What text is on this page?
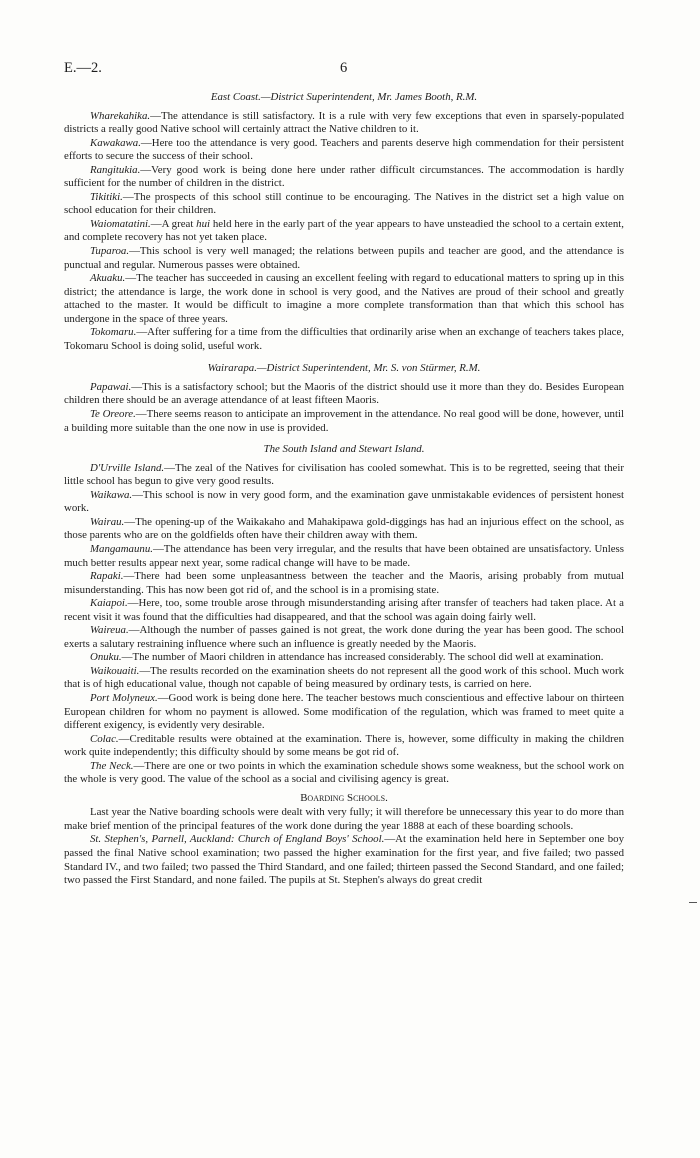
E.—2.	6
East Coast.—District Superintendent, Mr. James Booth, R.M.

Wharekahika.—The attendance is still satisfactory. It is a rule with very few exceptions that even in sparsely-populated districts a really good Native school will certainly attract the Native children to it.

Kawakawa.—Here too the attendance is very good. Teachers and parents deserve high commendation for their persistent efforts to secure the success of their school.

Rangitukia.—Very good work is being done here under rather difficult circumstances. The accommodation is hardly sufficient for the number of children in the district.

Tikitiki.—The prospects of this school still continue to be encouraging. The Natives in the district set a high value on school education for their children.

Waiomatatini.—A great hui held here in the early part of the year appears to have unsteadied the school to a certain extent, and complete recovery has not yet taken place.

Tuparoa.—This school is very well managed; the relations between pupils and teacher are good, and the attendance is punctual and regular. Numerous passes were obtained.

Akuaku.—The teacher has succeeded in causing an excellent feeling with regard to educational matters to spring up in this district; the attendance is large, the work done in school is very good, and the Natives are proud of their school and greatly attached to the master. It would be difficult to imagine a more complete transformation than that which this school has undergone in the space of three years.

Tokomaru.—After suffering for a time from the difficulties that ordinarily arise when an exchange of teachers takes place, Tokomaru School is doing solid, useful work.

Wairarapa.—District Superintendent, Mr. S. von Stürmer, R.M.

Papawai.—This is a satisfactory school; but the Maoris of the district should use it more than they do. Besides European children there should be an average attendance of at least fifteen Maoris.

Te Oreore.—There seems reason to anticipate an improvement in the attendance. No real good will be done, however, until a building more suitable than the one now in use is provided.

The South Island and Stewart Island.

D'Urville Island.—The zeal of the Natives for civilisation has cooled somewhat. This is to be regretted, seeing that their little school has begun to give very good results.

Waikawa.—This school is now in very good form, and the examination gave unmistakable evidences of persistent honest work.

Wairau.—The opening-up of the Waikakaho and Mahakipawa gold-diggings has had an injurious effect on the school, as those parents who are on the goldfields often have their children away with them.

Mangamaunu.—The attendance has been very irregular, and the results that have been obtained are unsatisfactory. Unless much better results appear next year, some radical change will have to be made.

Rapaki.—There had been some unpleasantness between the teacher and the Maoris, arising probably from mutual misunderstanding. This has now been got rid of, and the school is in a promising state.

Kaiapoi.—Here, too, some trouble arose through misunderstanding arising after transfer of teachers had taken place. At a recent visit it was found that the difficulties had disappeared, and that the school was again doing fairly well.

Waireua.—Although the number of passes gained is not great, the work done during the year has been good. The school exerts a salutary restraining influence where such an influence is greatly needed by the Maoris.

Onuku.—The number of Maori children in attendance has increased considerably. The school did well at examination.

Waikouaiti.—The results recorded on the examination sheets do not represent all the good work of this school. Much work that is of high educational value, though not capable of being measured by ordinary tests, is carried on here.

Port Molyneux.—Good work is being done here. The teacher bestows much conscientious and effective labour on thirteen European children for whom no payment is allowed. Some modification of the regulation, which was framed to meet quite a different exigency, is evidently very desirable.

Colac.—Creditable results were obtained at the examination. There is, however, some difficulty in making the children work quite independently; this difficulty should by some means be got rid of.

The Neck.—There are one or two points in which the examination schedule shows some weakness, but the school work on the whole is very good. The value of the school as a social and civilising agency is great.

Boarding Schools.

Last year the Native boarding schools were dealt with very fully; it will therefore be unnecessary this year to do more than make brief mention of the principal features of the work done during the year 1888 at each of these boarding schools.

St. Stephen's, Parnell, Auckland: Church of England Boys' School.—At the examination held here in September one boy passed the final Native school examination; two passed the higher examination for the first year, and five failed; two passed Standard IV., and two failed; two passed the Third Standard, and one failed; thirteen passed the Second Standard, and one failed; two passed the First Standard, and none failed. The pupils at St. Stephen's always do great credit
